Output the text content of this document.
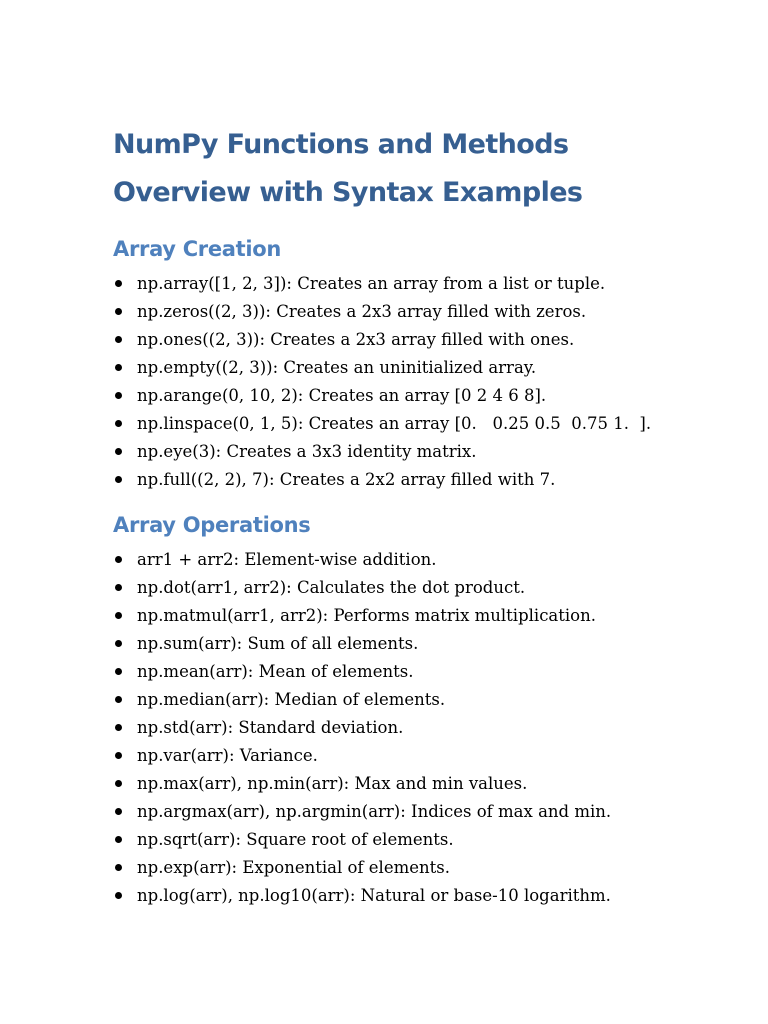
NumPy Functions and Methods
Overview with Syntax Examples
Array Creation
np.array([1, 2, 3]): Creates an array from a list or tuple.
np.zeros((2, 3)): Creates a 2x3 array filled with zeros.
np.ones((2, 3)): Creates a 2x3 array filled with ones.
np.empty((2, 3)): Creates an uninitialized array.
np.arange(0, 10, 2): Creates an array [0 2 4 6 8].
np.linspace(0, 1, 5): Creates an array [0.   0.25 0.5  0.75 1.  ].
np.eye(3): Creates a 3x3 identity matrix.
np.full((2, 2), 7): Creates a 2x2 array filled with 7.
Array Operations
arr1 + arr2: Element-wise addition.
np.dot(arr1, arr2): Calculates the dot product.
np.matmul(arr1, arr2): Performs matrix multiplication.
np.sum(arr): Sum of all elements.
np.mean(arr): Mean of elements.
np.median(arr): Median of elements.
np.std(arr): Standard deviation.
np.var(arr): Variance.
np.max(arr), np.min(arr): Max and min values.
np.argmax(arr), np.argmin(arr): Indices of max and min.
np.sqrt(arr): Square root of elements.
np.exp(arr): Exponential of elements.
np.log(arr), np.log10(arr): Natural or base-10 logarithm.
